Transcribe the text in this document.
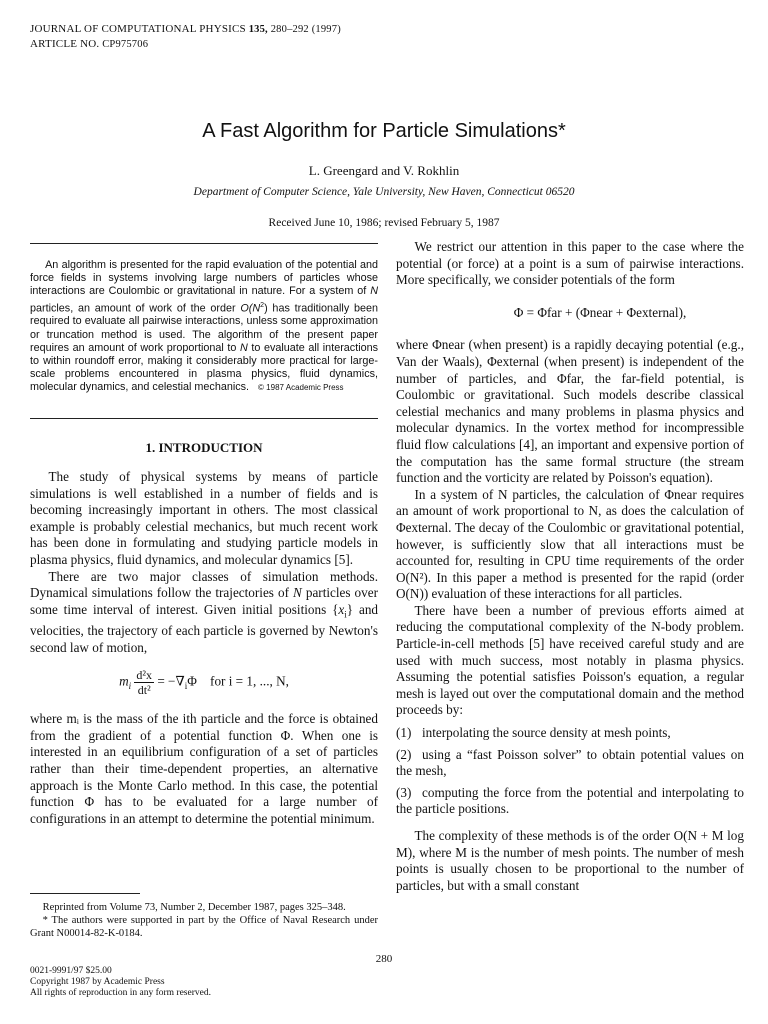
JOURNAL OF COMPUTATIONAL PHYSICS 135, 280–292 (1997)
ARTICLE NO. CP975706
A Fast Algorithm for Particle Simulations*
L. Greengard and V. Rokhlin
Department of Computer Science, Yale University, New Haven, Connecticut 06520
Received June 10, 1986; revised February 5, 1987

An algorithm is presented for the rapid evaluation of the potential and force fields in systems involving large numbers of particles whose interactions are Coulombic or gravitational in nature. For a system of N particles, an amount of work of the order $O(N^2)$ has traditionally been required to evaluate all pairwise interactions, unless some approximation or truncation method is used. The algorithm of the present paper requires an amount of work proportional to N to evaluate all interactions to within roundoff error, making it considerably more practical for large-scale problems encountered in plasma physics, fluid dynamics, molecular dynamics, and celestial mechanics. © 1987 Academic Press

1. INTRODUCTION

The study of physical systems by means of particle simulations is well established in a number of fields and is becoming increasingly important in others. The most classical example is probably celestial mechanics, but much recent work has been done in formulating and studying particle models in plasma physics, fluid dynamics, and molecular dynamics [5].

There are two major classes of simulation methods. Dynamical simulations follow the trajectories of N particles over some time interval of interest. Given initial positions $\{x_i\}$ and velocities, the trajectory of each particle is governed by Newton's second law of motion,

$m_i \frac{\text{d²x}}{\text{dt²}} = -\nabla_i\Phi$ for i = 1, ..., N,

where mᵢ is the mass of the ith particle and the force is obtained from the gradient of a potential function Φ. When one is interested in an equilibrium configuration of a set of particles rather than their time-dependent properties, an alternative approach is the Monte Carlo method. In this case, the potential function Φ has to be evaluated for a large number of configurations in an attempt to determine the potential minimum.

Reprinted from Volume 73, Number 2, December 1987, pages 325–348.

* The authors were supported in part by the Office of Naval Research under Grant N00014-82-K-0184.

We restrict our attention in this paper to the case where the potential (or force) at a point is a sum of pairwise interactions. More specifically, we consider potentials of the form

Φ = Φfar + (Φnear + Φexternal),

where Φnear (when present) is a rapidly decaying potential (e.g., Van der Waals), Φexternal (when present) is independent of the number of particles, and Φfar, the far-field potential, is Coulombic or gravitational. Such models describe classical celestial mechanics and many problems in plasma physics and molecular dynamics. In the vortex method for incompressible fluid flow calculations [4], an important and expensive portion of the computation has the same formal structure (the stream function and the vorticity are related by Poisson's equation).

In a system of N particles, the calculation of Φnear requires an amount of work proportional to N, as does the calculation of Φexternal. The decay of the Coulombic or gravitational potential, however, is sufficiently slow that all interactions must be accounted for, resulting in CPU time requirements of the order O(N²). In this paper a method is presented for the rapid (order O(N)) evaluation of these interactions for all particles.

There have been a number of previous efforts aimed at reducing the computational complexity of the N-body problem. Particle-in-cell methods [5] have received careful study and are used with much success, most notably in plasma physics. Assuming the potential satisfies Poisson's equation, a regular mesh is layed out over the computational domain and the method proceeds by:

(1) interpolating the source density at mesh points,

(2) using a “fast Poisson solver” to obtain potential values on the mesh,

(3) computing the force from the potential and interpolating to the particle positions.

The complexity of these methods is of the order O(N + M log M), where M is the number of mesh points. The number of mesh points is usually chosen to be proportional to the number of particles, but with a small constant

280
0021-9991/97 $25.00
Copyright 1987 by Academic Press
All rights of reproduction in any form reserved.
